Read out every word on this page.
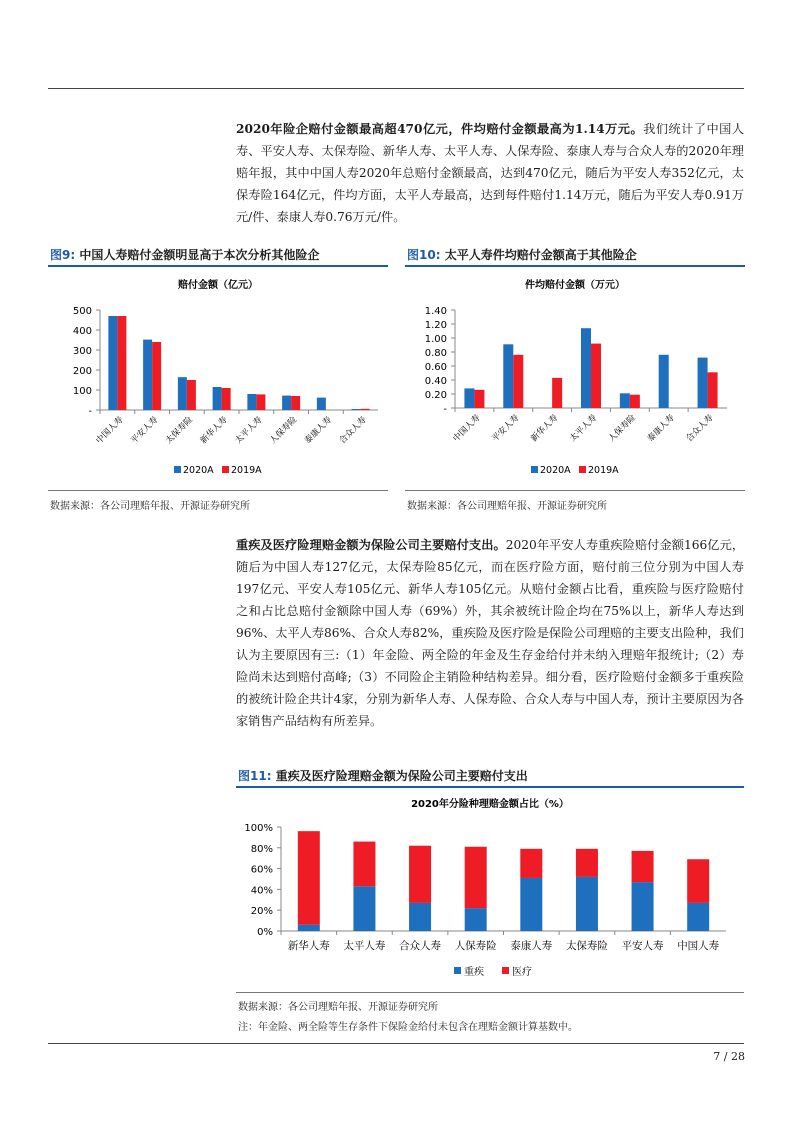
2020年险企赔付金额最高超470亿元，件均赔付金额最高为1.14万元。我们统计了中国人寿、平安人寿、太保寿险、新华人寿、太平人寿、人保寿险、泰康人寿与合众人寿的2020年理赔年报，其中中国人寿2020年总赔付金额最高，达到470亿元，随后为平安人寿352亿元，太保寿险164亿元，件均方面，太平人寿最高，达到每件赔付1.14万元，随后为平安人寿0.91万元/件、泰康人寿0.76万元/件。

图9: 中国人寿赔付金额明显高于本次分析其他险企	图10: 太平人寿件均赔付金额高于其他险企
赔付金额（亿元）
500
400
300
200
100
-
中国人寿 平安人寿 太保寿险 新华人寿 太平人寿 人保寿险 泰康人寿 合众人寿
2020A 2019A
件均赔付金额（万元）
1.40
1.20
1.00
0.80
0.60
0.40
0.20
-
中国人寿 平安人寿 新华人寿 太平人寿 人保寿险 泰康人寿 合众人寿
2020A 2019A
数据来源：各公司理赔年报、开源证券研究所	数据来源：各公司理赔年报、开源证券研究所

重疾及医疗险理赔金额为保险公司主要赔付支出。2020年平安人寿重疾险赔付金额166亿元，随后为中国人寿127亿元，太保寿险85亿元，而在医疗险方面，赔付前三位分别为中国人寿197亿元、平安人寿105亿元、新华人寿105亿元。从赔付金额占比看，重疾险与医疗险赔付之和占比总赔付金额除中国人寿（69%）外，其余被统计险企均在75%以上，新华人寿达到96%、太平人寿86%、合众人寿82%，重疾险及医疗险是保险公司理赔的主要支出险种，我们认为主要原因有三:（1）年金险、两全险的年金及生存金给付并未纳入理赔年报统计;（2）寿险尚未达到赔付高峰;（3）不同险企主销险种结构差异。细分看，医疗险赔付金额多于重疾险的被统计险企共计4家，分别为新华人寿、人保寿险、合众人寿与中国人寿，预计主要原因为各家销售产品结构有所差异。

图11: 重疾及医疗险理赔金额为保险公司主要赔付支出
2020年分险种理赔金额占比（%）
100%
80%
60%
40%
20%
0%
新华人寿 太平人寿 合众人寿 人保寿险 泰康人寿 太保寿险 平安人寿 中国人寿
重疾	医疗
数据来源：各公司理赔年报、开源证券研究所
注：年金险、两全险等生存条件下保险金给付未包含在理赔金额计算基数中。
7 / 28
